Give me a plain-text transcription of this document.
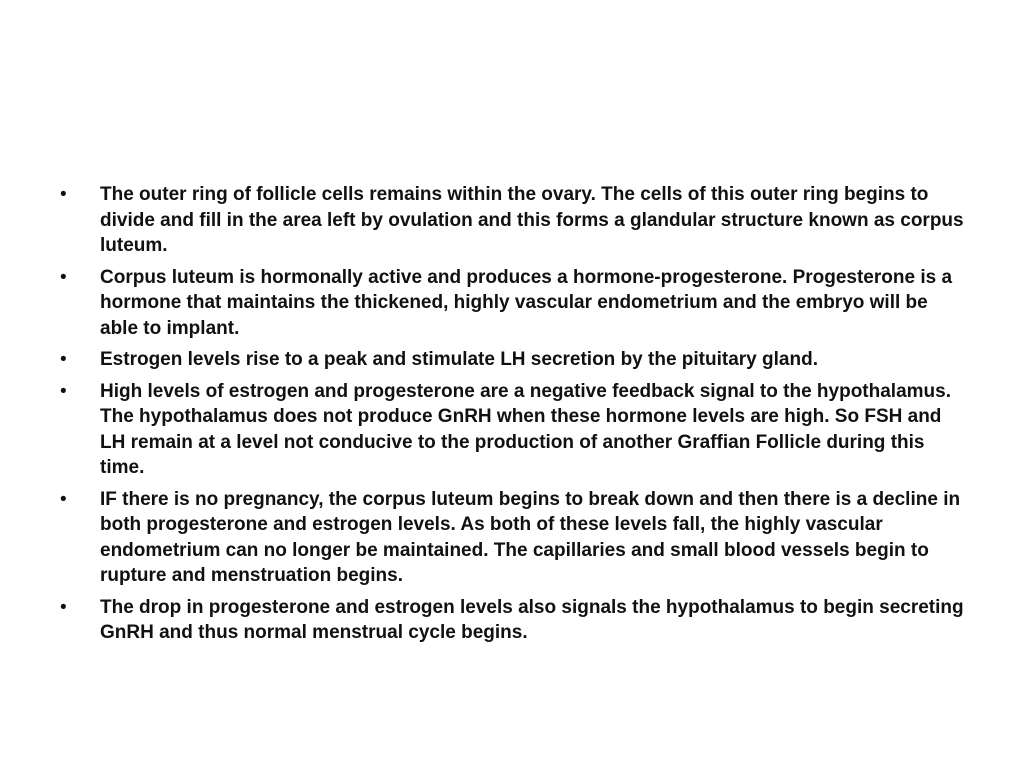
• The outer ring of follicle cells remains within the ovary. The cells of this outer ring begins to divide and fill in the area left by ovulation and this forms a glandular structure known as corpus luteum.
• Corpus luteum is hormonally active and produces a hormone-progesterone. Progesterone is a hormone that maintains the thickened, highly vascular endometrium and the embryo will be able to implant.
• Estrogen levels rise to a peak and stimulate LH secretion by the pituitary gland.
• High levels of estrogen and progesterone are a negative feedback signal to the hypothalamus. The hypothalamus does not produce GnRH when these hormone levels are high. So FSH and LH remain at a level not conducive to the production of another Graffian Follicle during this time.
• IF there is no pregnancy, the corpus luteum begins to break down and then there is a decline in both progesterone and estrogen levels. As both of these levels fall, the highly vascular endometrium can no longer be maintained. The capillaries and small blood vessels begin to rupture and menstruation begins.
• The drop in progesterone and estrogen levels also signals the hypothalamus to begin secreting GnRH and thus normal menstrual cycle begins.
